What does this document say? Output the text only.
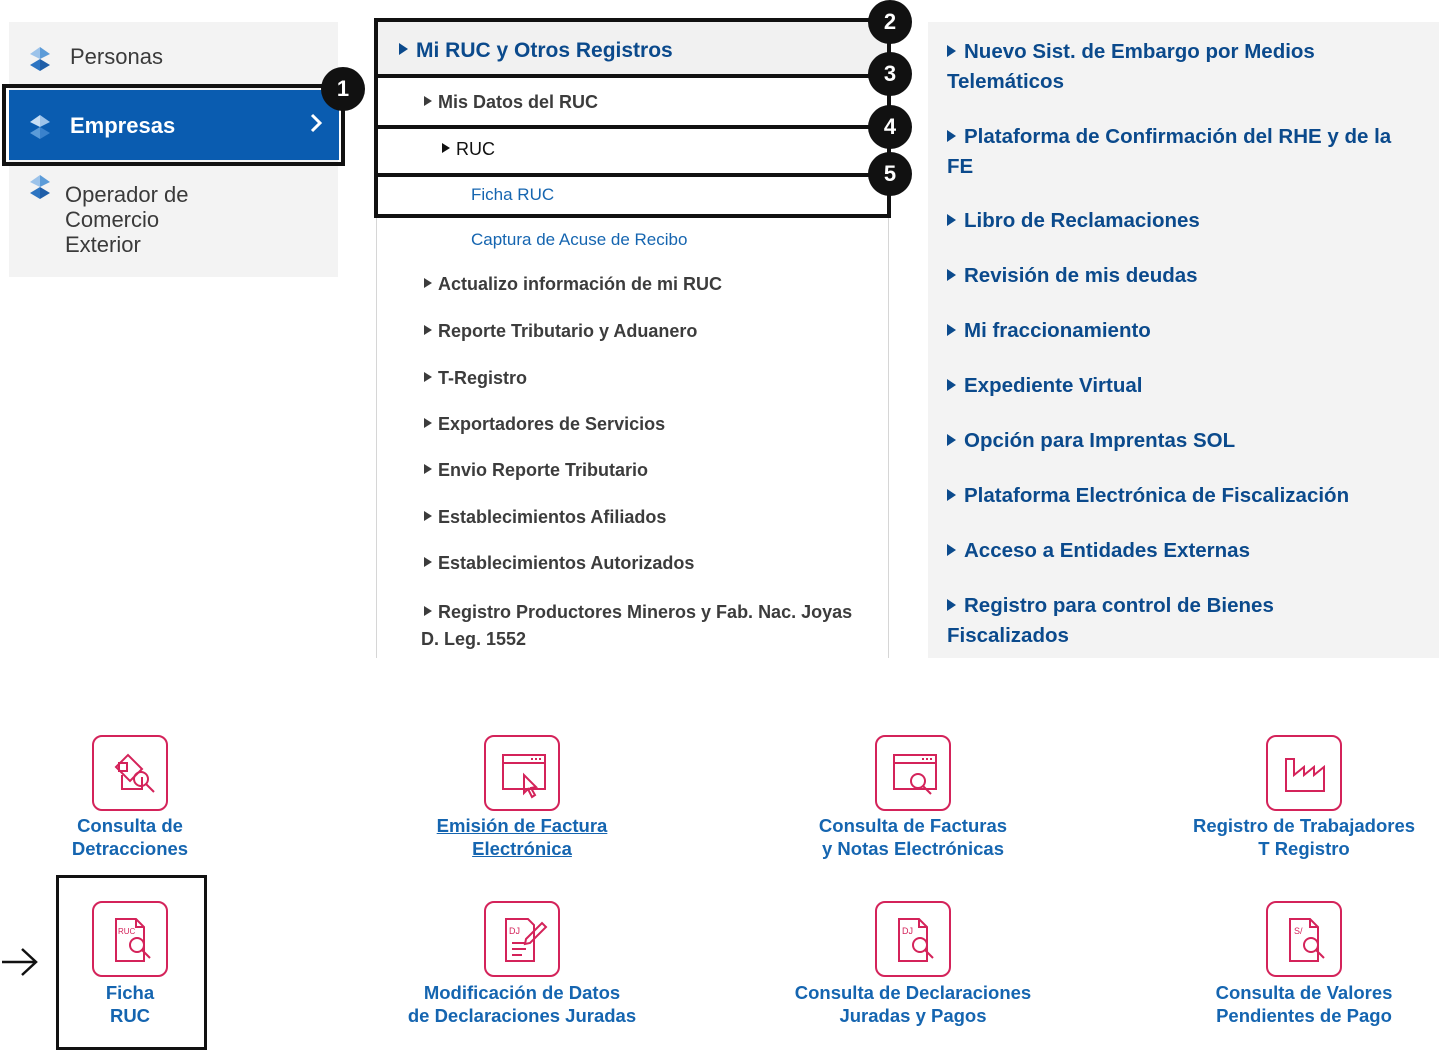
Personas
Empresas
Operador de
Comercio
Exterior
Mi RUC y Otros Registros
Mis Datos del RUC
RUC
Ficha RUC
Captura de Acuse de Recibo
Actualizo información de mi RUC
Reporte Tributario y Aduanero
T-Registro
Exportadores de Servicios
Envio Reporte Tributario
Establecimientos Afiliados
Establecimientos Autorizados
Registro Productores Mineros y Fab. Nac. Joyas
D. Leg. 1552
1
2
3
4
5
Nuevo Sist. de Embargo por Medios
Telemáticos
Plataforma de Confirmación del RHE y de la
FE
Libro de Reclamaciones
Revisión de mis deudas
Mi fraccionamiento
Expediente Virtual
Opción para Imprentas SOL
Plataforma Electrónica de Fiscalización
Acceso a Entidades Externas
Registro para control de Bienes
Fiscalizados
Consulta de
Detracciones
Emisión de Factura
Electrónica
Consulta de Facturas
y Notas Electrónicas
Registro de Trabajadores
T Registro
RUC
Ficha
RUC
DJ
Modificación de Datos
de Declaraciones Juradas
DJ
Consulta de Declaraciones
Juradas y Pagos
S/
Consulta de Valores
Pendientes de Pago
